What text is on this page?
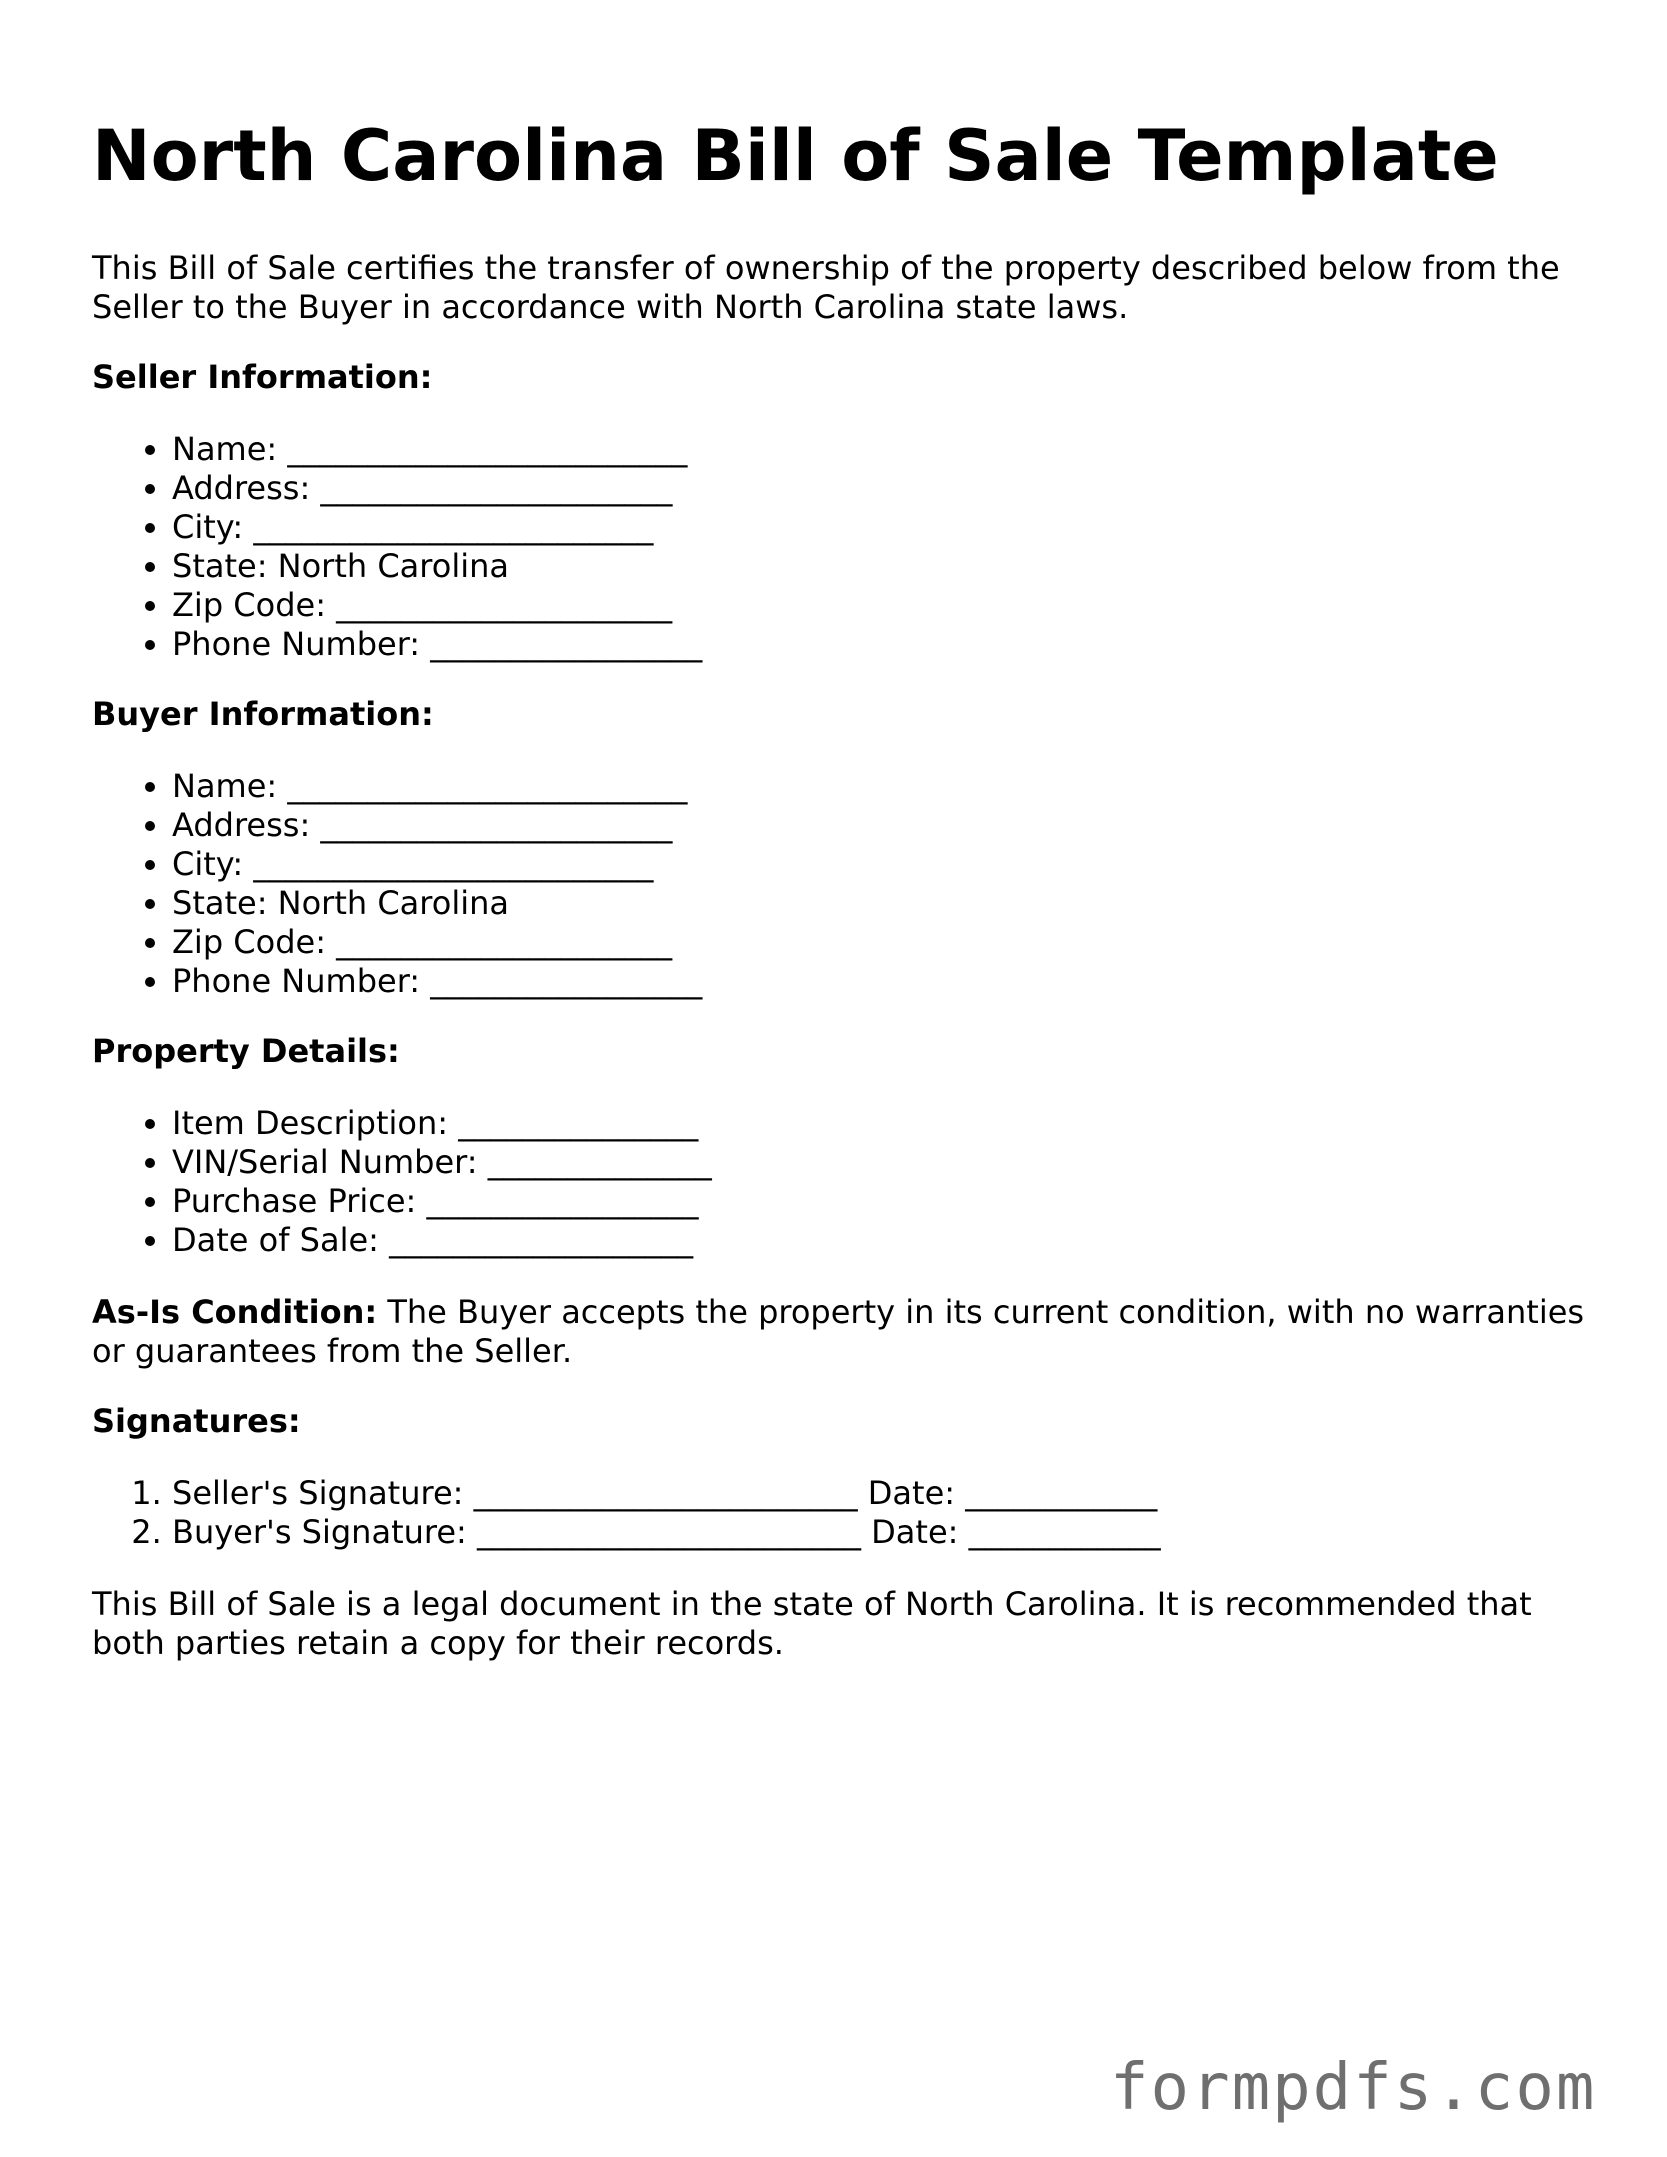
North Carolina Bill of Sale Template

This Bill of Sale certifies the transfer of ownership of the property described below from the Seller to the Buyer in accordance with North Carolina state laws.

Seller Information:
• Name: _________________________
• Address: ______________________
• City: _________________________
• State: North Carolina
• Zip Code: _____________________
• Phone Number: _________________
Buyer Information:
• Name: _________________________
• Address: ______________________
• City: _________________________
• State: North Carolina
• Zip Code: _____________________
• Phone Number: _________________
Property Details:
• Item Description: _______________
• VIN/Serial Number: ______________
• Purchase Price: _________________
• Date of Sale: ___________________

As-Is Condition: The Buyer accepts the property in its current condition, with no warranties or guarantees from the Seller.

Signatures:
1. Seller's Signature: ________________________ Date: ____________
2. Buyer's Signature: ________________________ Date: ____________

This Bill of Sale is a legal document in the state of North Carolina. It is recommended that both parties retain a copy for their records.

formpdfs.com
